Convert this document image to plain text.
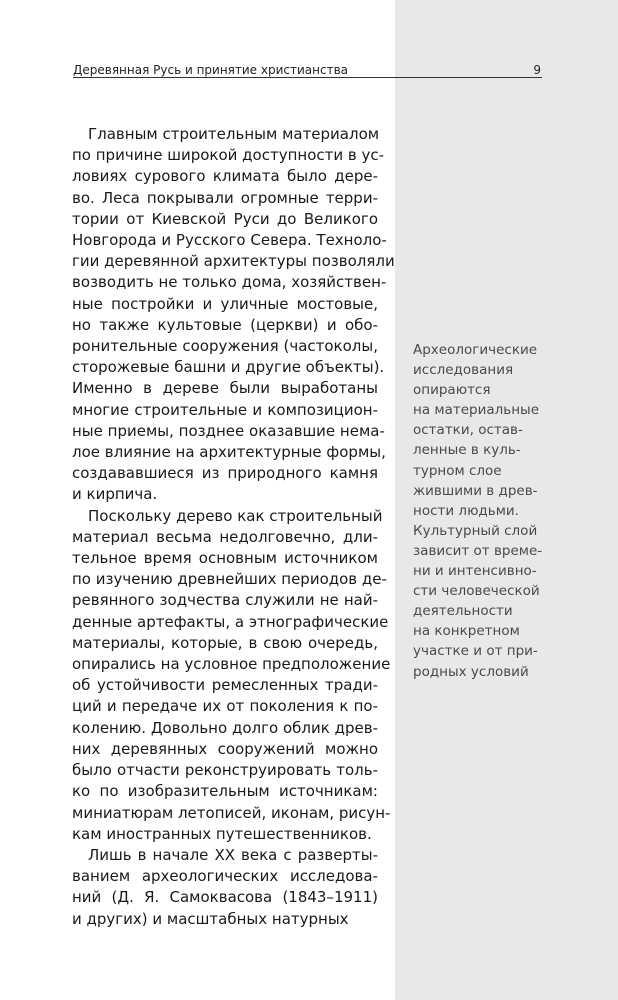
Деревянная Русь и принятие христианства	9

Главным строительным материалом
по причине широкой доступности в ус-
ловиях сурового климата было дере-
во. Леса покрывали огромные терри-
тории от Киевской Руси до Великого
Новгорода и Русского Севера. Техноло-
гии деревянной архитектуры позволяли
возводить не только дома, хозяйствен-
ные постройки и уличные мостовые,
но также культовые (церкви) и обо-
ронительные сооружения (частоколы,
сторожевые башни и другие объекты).
Именно в дереве были выработаны
многие строительные и композицион-
ные приемы, позднее оказавшие нема-
лое влияние на архитектурные формы,
создававшиеся из природного камня
и кирпича.

Поскольку дерево как строительный
материал весьма недолговечно, дли-
тельное время основным источником
по изучению древнейших периодов де-
ревянного зодчества служили не най-
денные артефакты, а этнографические
материалы, которые, в свою очередь,
опирались на условное предположение
об устойчивости ремесленных тради-
ций и передаче их от поколения к по-
колению. Довольно долго облик древ-
них деревянных сооружений можно
было отчасти реконструировать толь-
ко по изобразительным источникам:
миниатюрам летописей, иконам, рисун-
кам иностранных путешественников.

Лишь в начале XX века с разверты-
ванием археологических исследова-
ний (Д. Я. Самоквасова (1843–1911)
и других) и масштабных натурных

Археологические
исследования
опираются
на материальные
остатки, остав-
ленные в куль-
турном слое
жившими в древ-
ности людьми.
Культурный слой
зависит от време-
ни и интенсивно-
сти человеческой
деятельности
на конкретном
участке и от при-
родных условий
